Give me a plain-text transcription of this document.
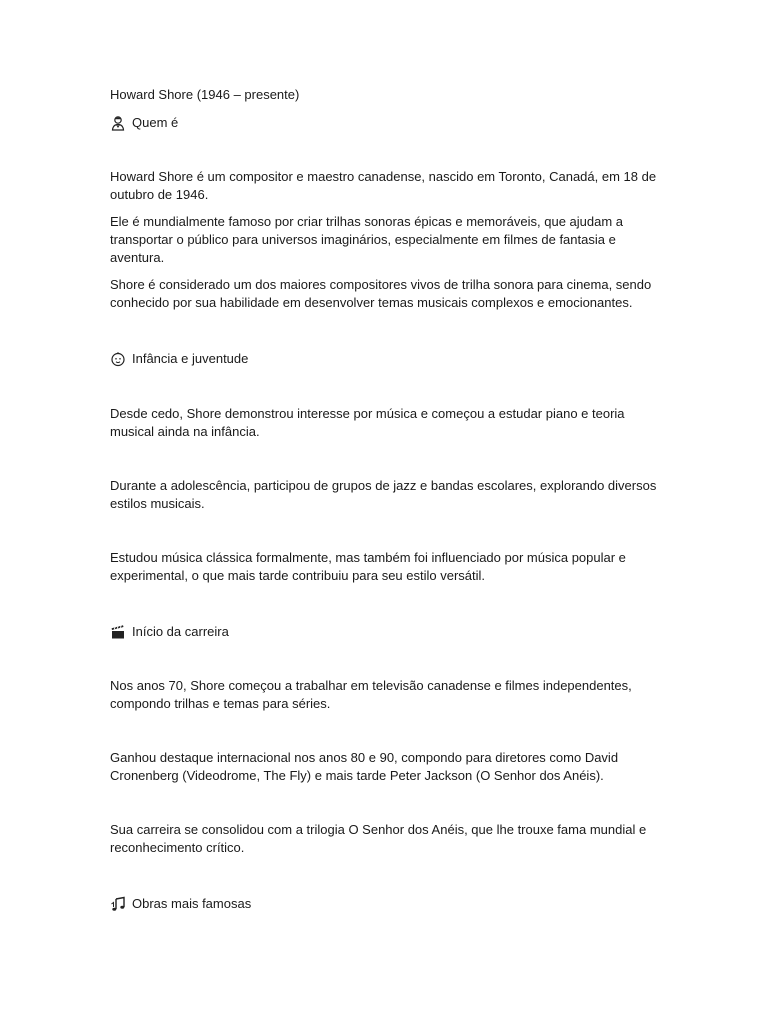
Howard Shore (1946 – presente)

Quem é

Howard Shore é um compositor e maestro canadense, nascido em Toronto, Canadá, em 18 de outubro de 1946.

Ele é mundialmente famoso por criar trilhas sonoras épicas e memoráveis, que ajudam a transportar o público para universos imaginários, especialmente em filmes de fantasia e aventura.

Shore é considerado um dos maiores compositores vivos de trilha sonora para cinema, sendo conhecido por sua habilidade em desenvolver temas musicais complexos e emocionantes.

Infância e juventude

Desde cedo, Shore demonstrou interesse por música e começou a estudar piano e teoria musical ainda na infância.

Durante a adolescência, participou de grupos de jazz e bandas escolares, explorando diversos estilos musicais.

Estudou música clássica formalmente, mas também foi influenciado por música popular e experimental, o que mais tarde contribuiu para seu estilo versátil.

Início da carreira

Nos anos 70, Shore começou a trabalhar em televisão canadense e filmes independentes, compondo trilhas e temas para séries.

Ganhou destaque internacional nos anos 80 e 90, compondo para diretores como David Cronenberg (Videodrome, The Fly) e mais tarde Peter Jackson (O Senhor dos Anéis).

Sua carreira se consolidou com a trilogia O Senhor dos Anéis, que lhe trouxe fama mundial e reconhecimento crítico.

Obras mais famosas
